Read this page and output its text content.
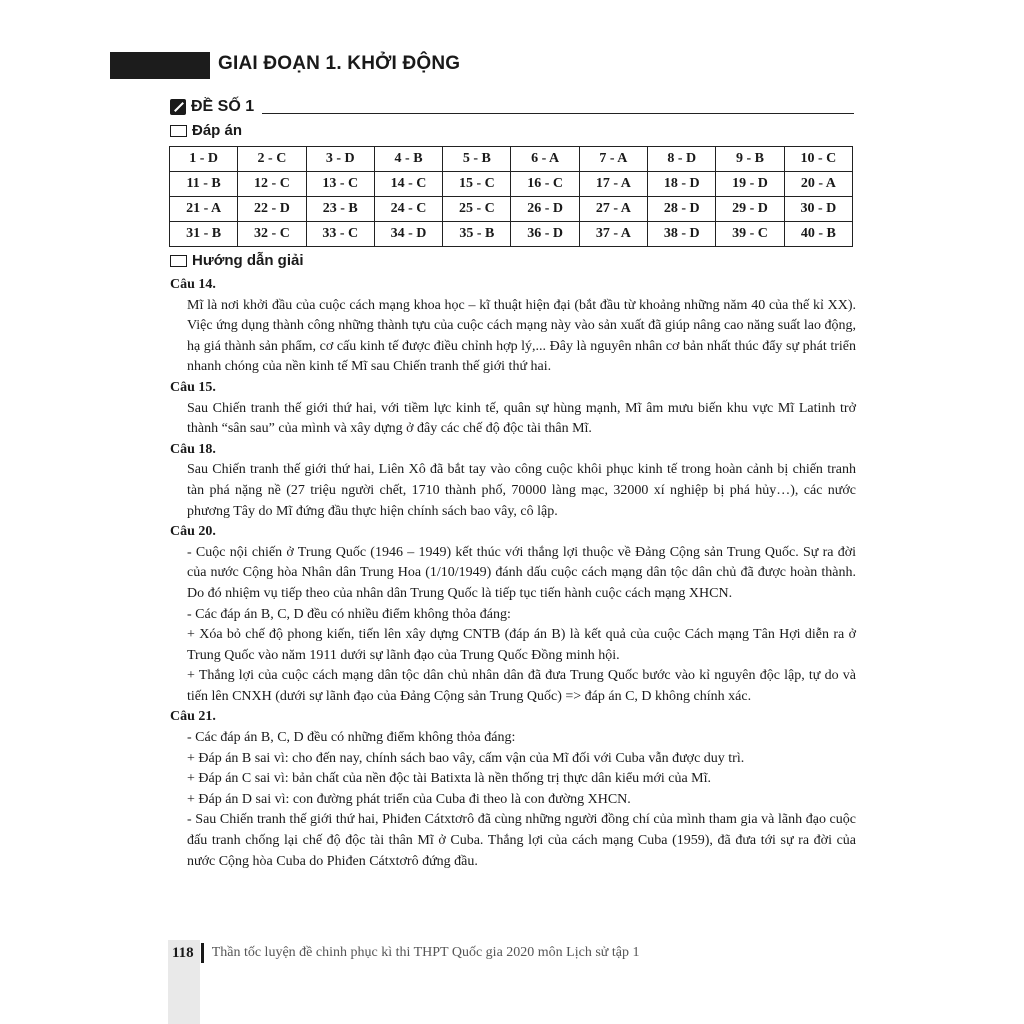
GIAI ĐOẠN 1. KHỞI ĐỘNG
ĐỀ SỐ 1
Đáp án
1 - D	2 - C	3 - D	4 - B	5 - B	6 - A	7 - A	8 - D	9 - B	10 - C
11 - B	12 - C	13 - C	14 - C	15 - C	16 - C	17 - A	18 - D	19 - D	20 - A
21 - A	22 - D	23 - B	24 - C	25 - C	26 - D	27 - A	28 - D	29 - D	30 - D
31 - B	32 - C	33 - C	34 - D	35 - B	36 - D	37 - A	38 - D	39 - C	40 - B
Hướng dẫn giải
Câu 14.

Mĩ là nơi khởi đầu của cuộc cách mạng khoa học – kĩ thuật hiện đại (bắt đầu từ khoảng những năm 40 của thế kỉ XX). Việc ứng dụng thành công những thành tựu của cuộc cách mạng này vào sản xuất đã giúp nâng cao năng suất lao động, hạ giá thành sản phẩm, cơ cấu kinh tế được điều chỉnh hợp lý,... Đây là nguyên nhân cơ bản nhất thúc đẩy sự phát triển nhanh chóng của nền kinh tế Mĩ sau Chiến tranh thế giới thứ hai.

Câu 15.

Sau Chiến tranh thế giới thứ hai, với tiềm lực kinh tế, quân sự hùng mạnh, Mĩ âm mưu biến khu vực Mĩ Latinh trở thành “sân sau” của mình và xây dựng ở đây các chế độ độc tài thân Mĩ.

Câu 18.

Sau Chiến tranh thế giới thứ hai, Liên Xô đã bắt tay vào công cuộc khôi phục kinh tế trong hoàn cảnh bị chiến tranh tàn phá nặng nề (27 triệu người chết, 1710 thành phố, 70000 làng mạc, 32000 xí nghiệp bị phá hủy…), các nước phương Tây do Mĩ đứng đầu thực hiện chính sách bao vây, cô lập.

Câu 20.

- Cuộc nội chiến ở Trung Quốc (1946 – 1949) kết thúc với thắng lợi thuộc về Đảng Cộng sản Trung Quốc. Sự ra đời của nước Cộng hòa Nhân dân Trung Hoa (1/10/1949) đánh dấu cuộc cách mạng dân tộc dân chủ đã được hoàn thành. Do đó nhiệm vụ tiếp theo của nhân dân Trung Quốc là tiếp tục tiến hành cuộc cách mạng XHCN.

- Các đáp án B, C, D đều có nhiều điểm không thỏa đáng:

+ Xóa bỏ chế độ phong kiến, tiến lên xây dựng CNTB (đáp án B) là kết quả của cuộc Cách mạng Tân Hợi diễn ra ở Trung Quốc vào năm 1911 dưới sự lãnh đạo của Trung Quốc Đồng minh hội.

+ Thắng lợi của cuộc cách mạng dân tộc dân chủ nhân dân đã đưa Trung Quốc bước vào kỉ nguyên độc lập, tự do và tiến lên CNXH (dưới sự lãnh đạo của Đảng Cộng sản Trung Quốc) => đáp án C, D không chính xác.

Câu 21.

- Các đáp án B, C, D đều có những điểm không thỏa đáng:

+ Đáp án B sai vì: cho đến nay, chính sách bao vây, cấm vận của Mĩ đối với Cuba vẫn được duy trì.

+ Đáp án C sai vì: bản chất của nền độc tài Batixta là nền thống trị thực dân kiểu mới của Mĩ.

+ Đáp án D sai vì: con đường phát triển của Cuba đi theo là con đường XHCN.

- Sau Chiến tranh thế giới thứ hai, Phiđen Cátxtơrô đã cùng những người đồng chí của mình tham gia và lãnh đạo cuộc đấu tranh chống lại chế độ độc tài thân Mĩ ở Cuba. Thắng lợi của cách mạng Cuba (1959), đã đưa tới sự ra đời của nước Cộng hòa Cuba do Phiđen Cátxtơrô đứng đầu.

118 Thần tốc luyện đề chinh phục kì thi THPT Quốc gia 2020 môn Lịch sử tập 1
